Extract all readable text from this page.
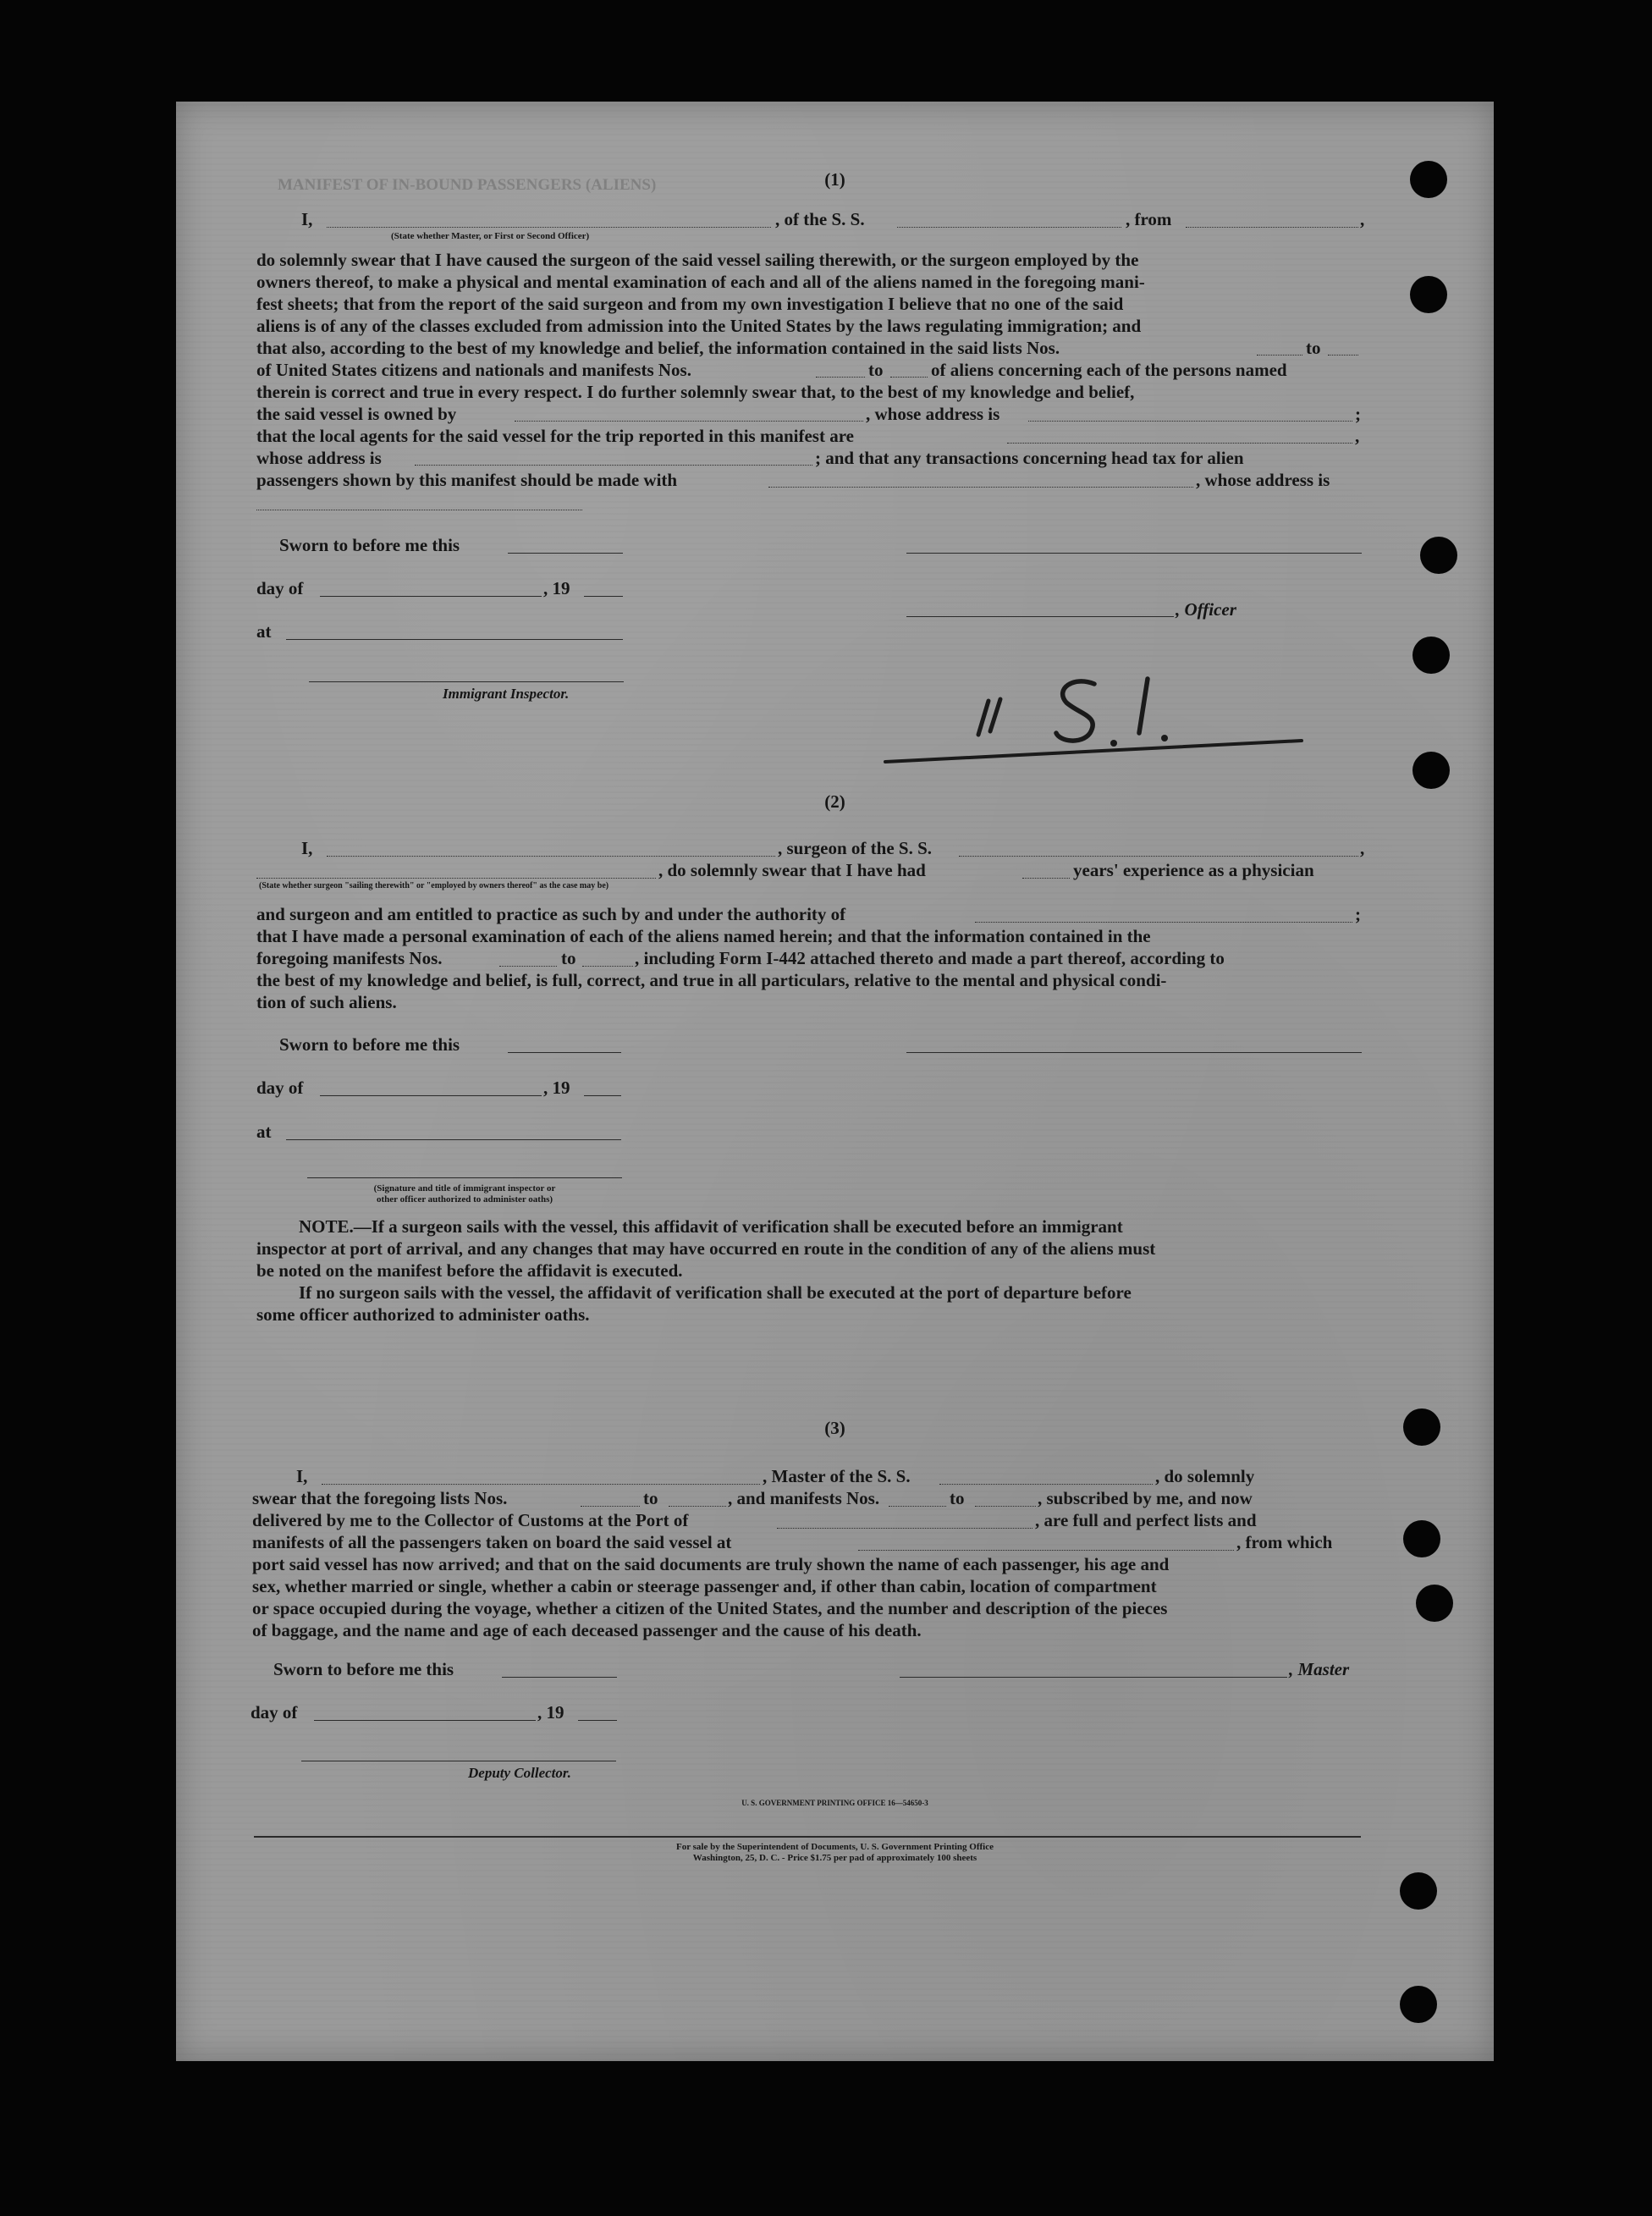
MANIFEST OF IN-BOUND PASSENGERS (ALIENS)	(1)
I,	, of the S. S.	, from	,
(State whether Master, or First or Second Officer)
do solemnly swear that I have caused the surgeon of the said vessel sailing therewith, or the surgeon employed by the
owners thereof, to make a physical and mental examination of each and all of the aliens named in the foregoing mani-
fest sheets; that from the report of the said surgeon and from my own investigation I believe that no one of the said
aliens is of any of the classes excluded from admission into the United States by the laws regulating immigration; and
that also, according to the best of my knowledge and belief, the information contained in the said lists Nos.	to
of United States citizens and nationals and manifests Nos.	to	of aliens concerning each of the persons named
therein is correct and true in every respect. I do further solemnly swear that, to the best of my knowledge and belief,
the said vessel is owned by	, whose address is	;
that the local agents for the said vessel for the trip reported in this manifest are	,
whose address is	; and that any transactions concerning head tax for alien
passengers shown by this manifest should be made with	, whose address is
Sworn to before me this
day of	, 19
, Officer
at
Immigrant Inspector.
(2)
I,	, surgeon of the S. S.	,
, do solemnly swear that I have had	years' experience as a physician
(State whether surgeon "sailing therewith" or "employed by owners thereof" as the case may be)
and surgeon and am entitled to practice as such by and under the authority of	;
that I have made a personal examination of each of the aliens named herein; and that the information contained in the
foregoing manifests Nos.	to	, including Form I-442 attached thereto and made a part thereof, according to
the best of my knowledge and belief, is full, correct, and true in all particulars, relative to the mental and physical condi-
tion of such aliens.
Sworn to before me this
day of	, 19
at
(Signature and title of immigrant inspector or
other officer authorized to administer oaths)
NOTE.—If a surgeon sails with the vessel, this affidavit of verification shall be executed before an immigrant
inspector at port of arrival, and any changes that may have occurred en route in the condition of any of the aliens must
be noted on the manifest before the affidavit is executed.
If no surgeon sails with the vessel, the affidavit of verification shall be executed at the port of departure before
some officer authorized to administer oaths.
(3)
I,	, Master of the S. S.	, do solemnly
swear that the foregoing lists Nos.	to	, and manifests Nos.	to	, subscribed by me, and now
delivered by me to the Collector of Customs at the Port of	, are full and perfect lists and
manifests of all the passengers taken on board the said vessel at	, from which
port said vessel has now arrived; and that on the said documents are truly shown the name of each passenger, his age and
sex, whether married or single, whether a cabin or steerage passenger and, if other than cabin, location of compartment
or space occupied during the voyage, whether a citizen of the United States, and the number and description of the pieces
of baggage, and the name and age of each deceased passenger and the cause of his death.
Sworn to before me this	, Master
day of	, 19
Deputy Collector.
U. S. GOVERNMENT PRINTING OFFICE 16—54650-3
For sale by the Superintendent of Documents, U. S. Government Printing Office
Washington, 25, D. C. - Price $1.75 per pad of approximately 100 sheets
